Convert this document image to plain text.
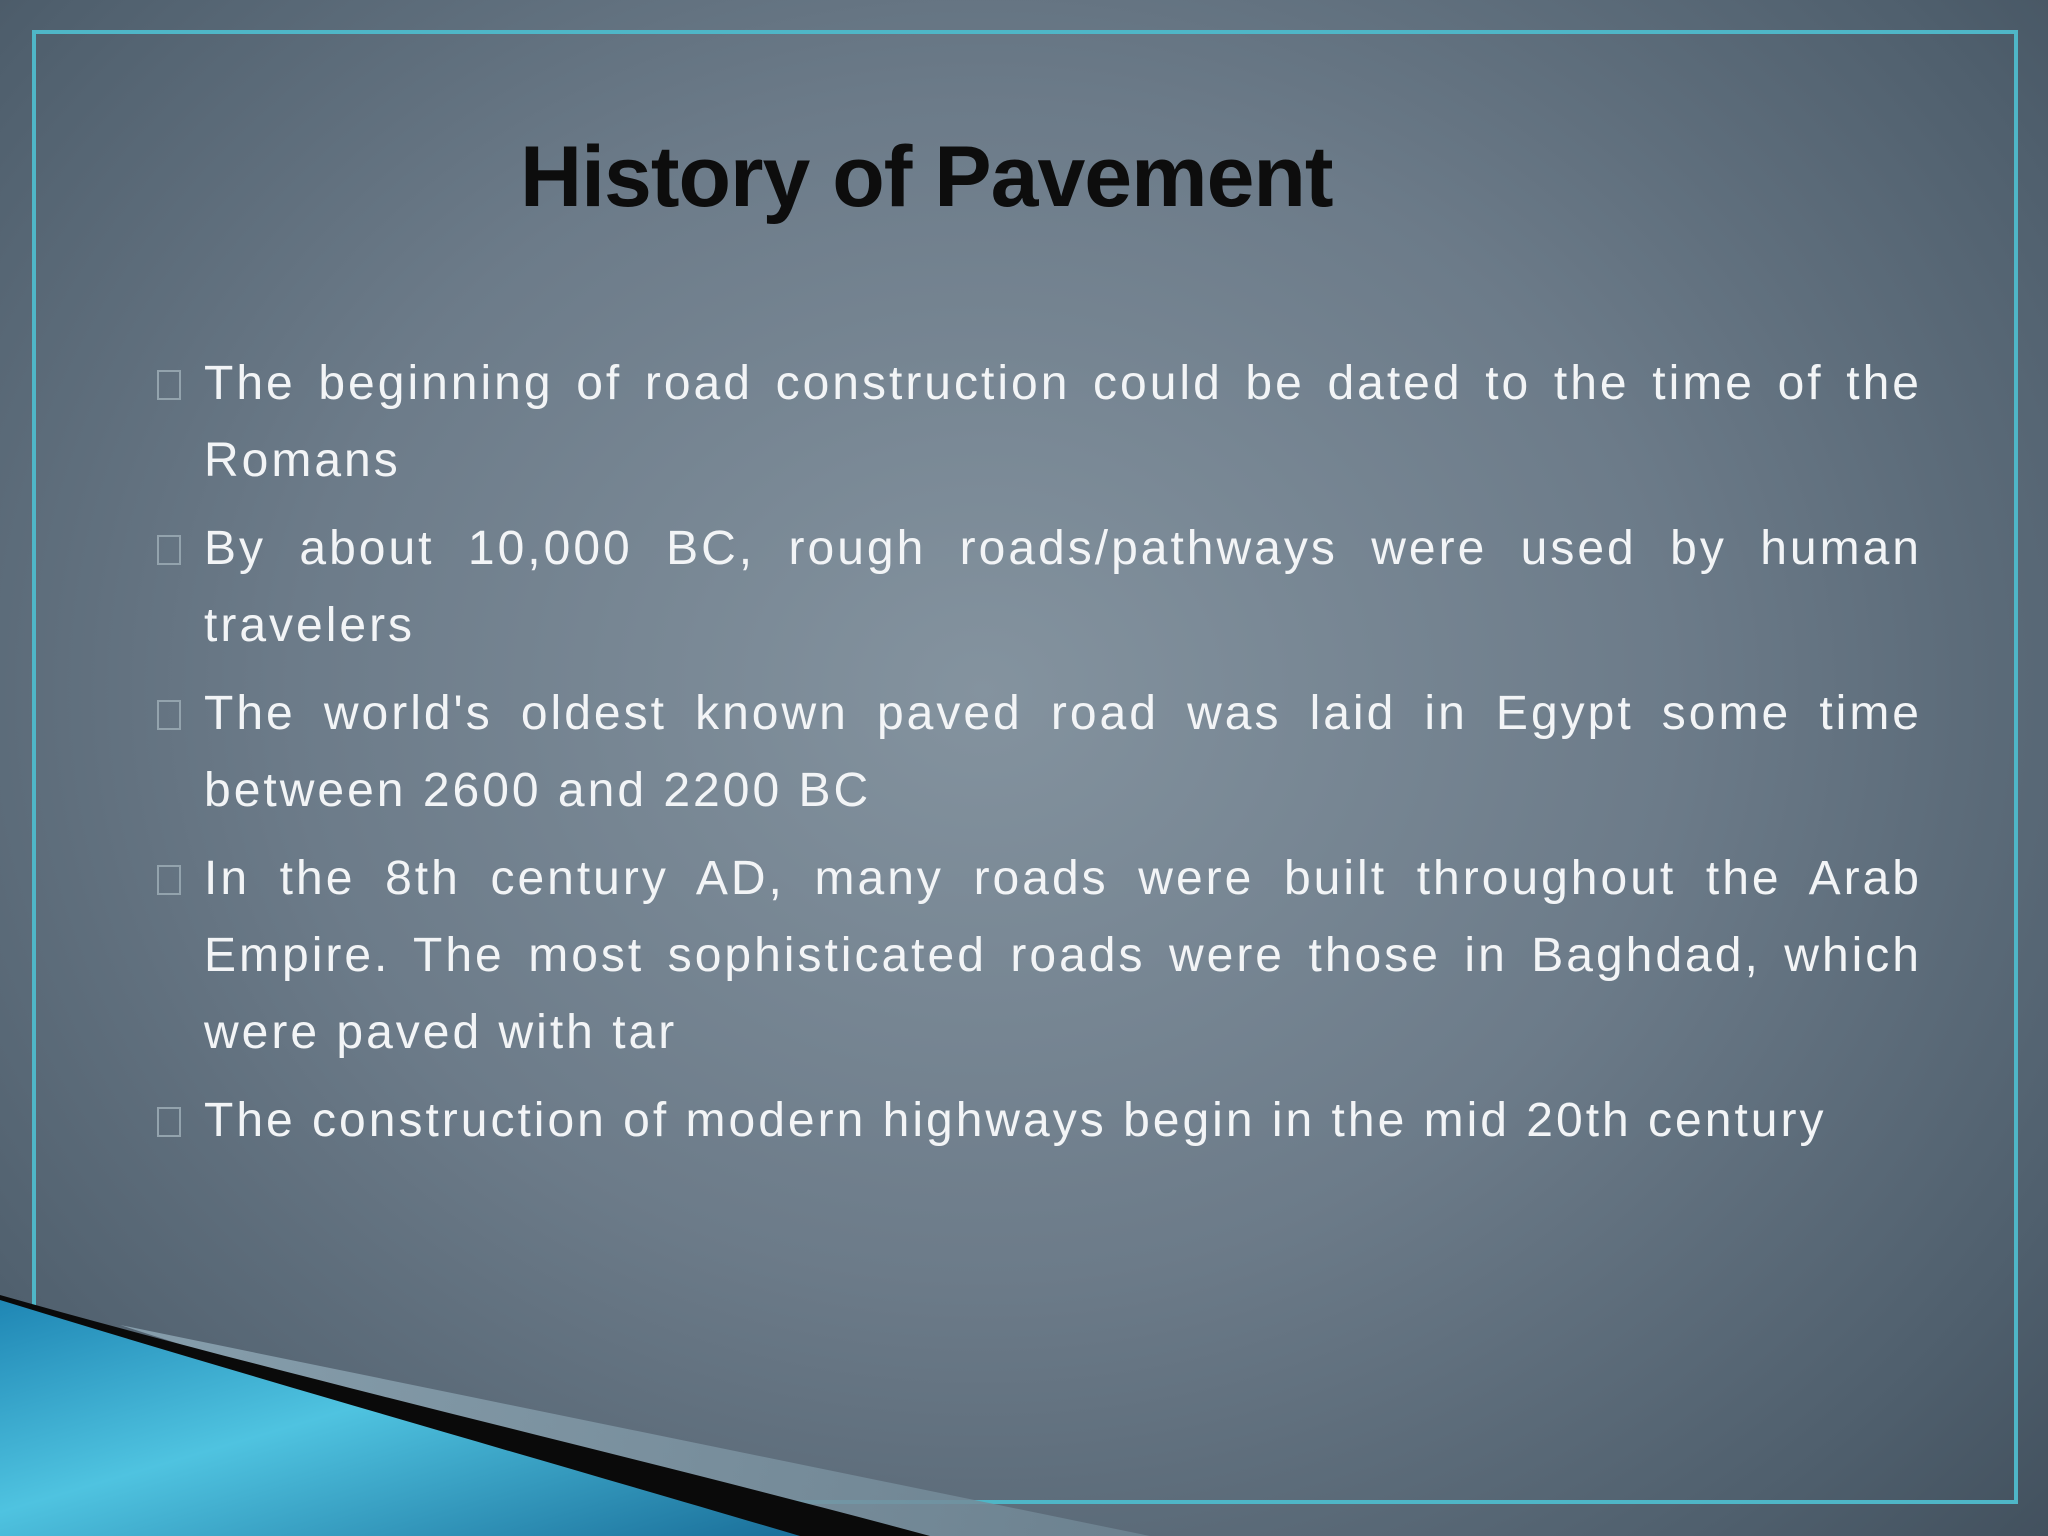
History of Pavement
The beginning of road construction could be dated to the time of the Romans
By about 10,000 BC, rough roads/pathways were used by human travelers
The world's oldest known paved road was laid in Egypt some time between 2600 and 2200 BC
In the 8th century AD, many roads were built throughout the Arab Empire. The most sophisticated roads were those in Baghdad, which were paved with tar
The construction of modern highways begin in the mid 20th century
